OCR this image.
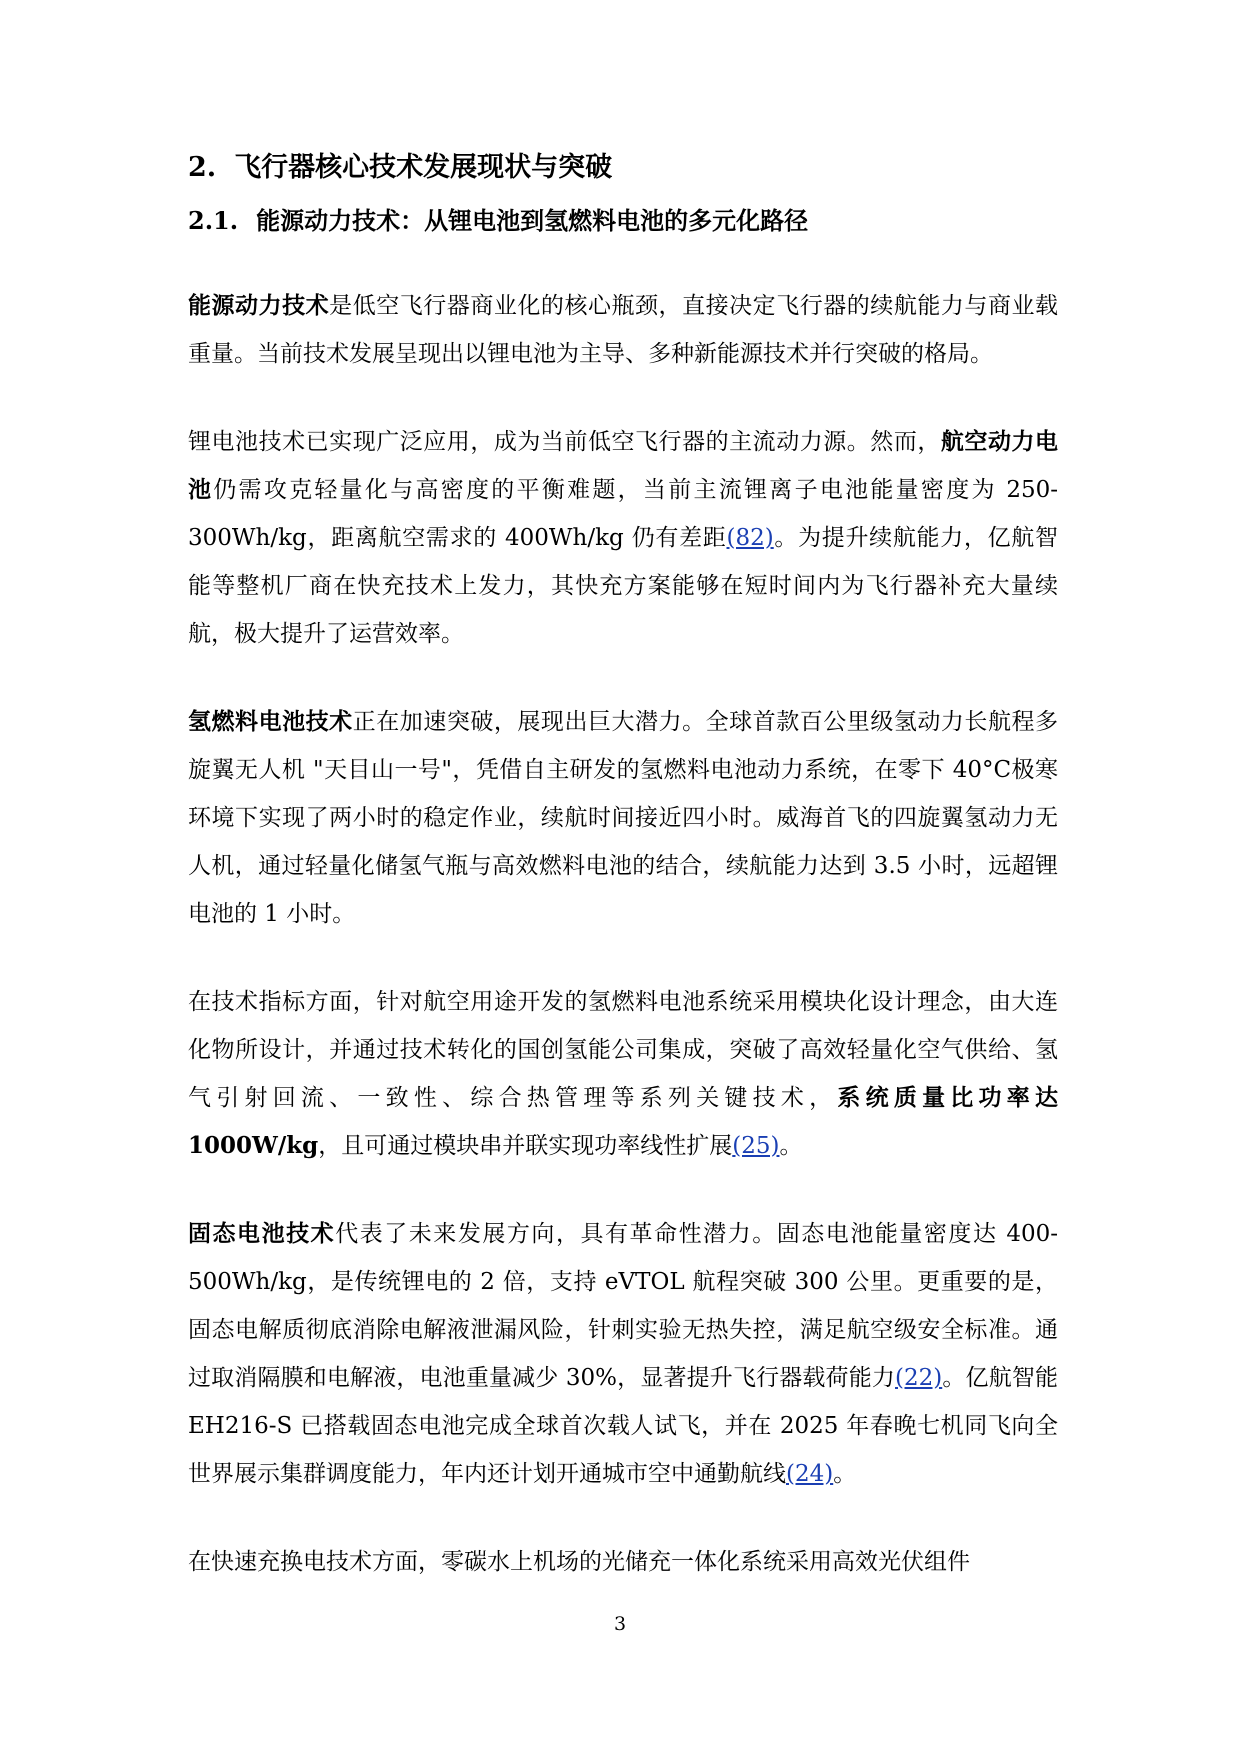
2. 飞行器核心技术发展现状与突破
2.1. 能源动力技术：从锂电池到氢燃料电池的多元化路径

能源动力技术是低空飞行器商业化的核心瓶颈，直接决定飞行器的续航能力与商业载重量。当前技术发展呈现出以锂电池为主导、多种新能源技术并行突破的格局。

锂电池技术已实现广泛应用，成为当前低空飞行器的主流动力源。然而，航空动力电池仍需攻克轻量化与高密度的平衡难题，当前主流锂离子电池能量密度为 250-300Wh/kg，距离航空需求的 400Wh/kg 仍有差距(82)。为提升续航能力，亿航智能等整机厂商在快充技术上发力，其快充方案能够在短时间内为飞行器补充大量续航，极大提升了运营效率。

氢燃料电池技术正在加速突破，展现出巨大潜力。全球首款百公里级氢动力长航程多旋翼无人机 "天目山一号"，凭借自主研发的氢燃料电池动力系统，在零下 40°C极寒环境下实现了两小时的稳定作业，续航时间接近四小时。威海首飞的四旋翼氢动力无人机，通过轻量化储氢气瓶与高效燃料电池的结合，续航能力达到 3.5 小时，远超锂电池的 1 小时。

在技术指标方面，针对航空用途开发的氢燃料电池系统采用模块化设计理念，由大连化物所设计，并通过技术转化的国创氢能公司集成，突破了高效轻量化空气供给、氢气引射回流、一致性、综合热管理等系列关键技术，系统质量比功率达 1000W/kg，且可通过模块串并联实现功率线性扩展(25)。

固态电池技术代表了未来发展方向，具有革命性潜力。固态电池能量密度达 400-500Wh/kg，是传统锂电的 2 倍，支持 eVTOL 航程突破 300 公里。更重要的是，固态电解质彻底消除电解液泄漏风险，针刺实验无热失控，满足航空级安全标准。通过取消隔膜和电解液，电池重量减少 30%，显著提升飞行器载荷能力(22)。亿航智能 EH216-S 已搭载固态电池完成全球首次载人试飞，并在 2025 年春晚七机同飞向全世界展示集群调度能力，年内还计划开通城市空中通勤航线(24)。

在快速充换电技术方面，零碳水上机场的光储充一体化系统采用高效光伏组件

3
